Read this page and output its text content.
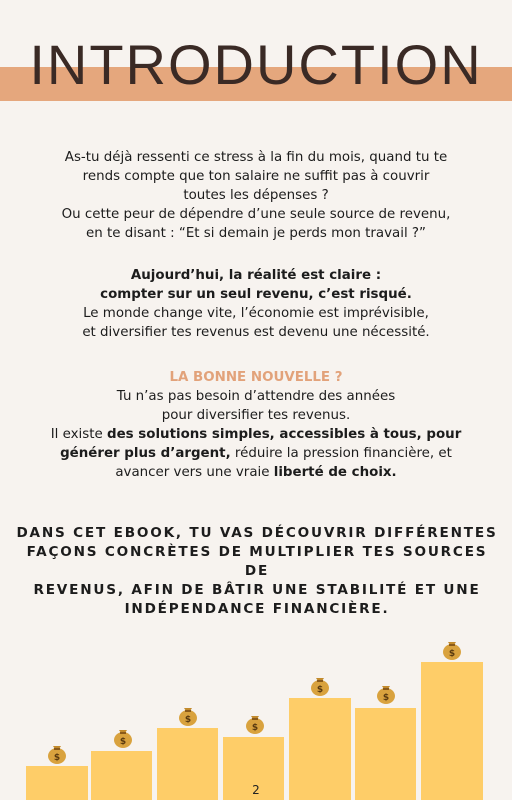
INTRODUCTION

As-tu déjà ressenti ce stress à la fin du mois, quand tu te
rends compte que ton salaire ne suffit pas à couvrir
toutes les dépenses ?
Ou cette peur de dépendre d’une seule source de revenu,
en te disant : “Et si demain je perds mon travail ?”

Aujourd’hui, la réalité est claire :
compter sur un seul revenu, c’est risqué.
Le monde change vite, l’économie est imprévisible,
et diversifier tes revenus est devenu une nécessité.

LA BONNE NOUVELLE ?

Tu n’as pas besoin d’attendre des années
pour diversifier tes revenus.
Il existe des solutions simples, accessibles à tous, pour
générer plus d’argent, réduire la pression financière, et
avancer vers une vraie liberté de choix.

DANS CET EBOOK, TU VAS DÉCOUVRIR DIFFÉRENTES
FAÇONS CONCRÈTES DE MULTIPLIER TES SOURCES DE
REVENUS, AFIN DE BÂTIR UNE STABILITÉ ET UNE
INDÉPENDANCE FINANCIÈRE.

$
$
$
$
$
$
$
2
